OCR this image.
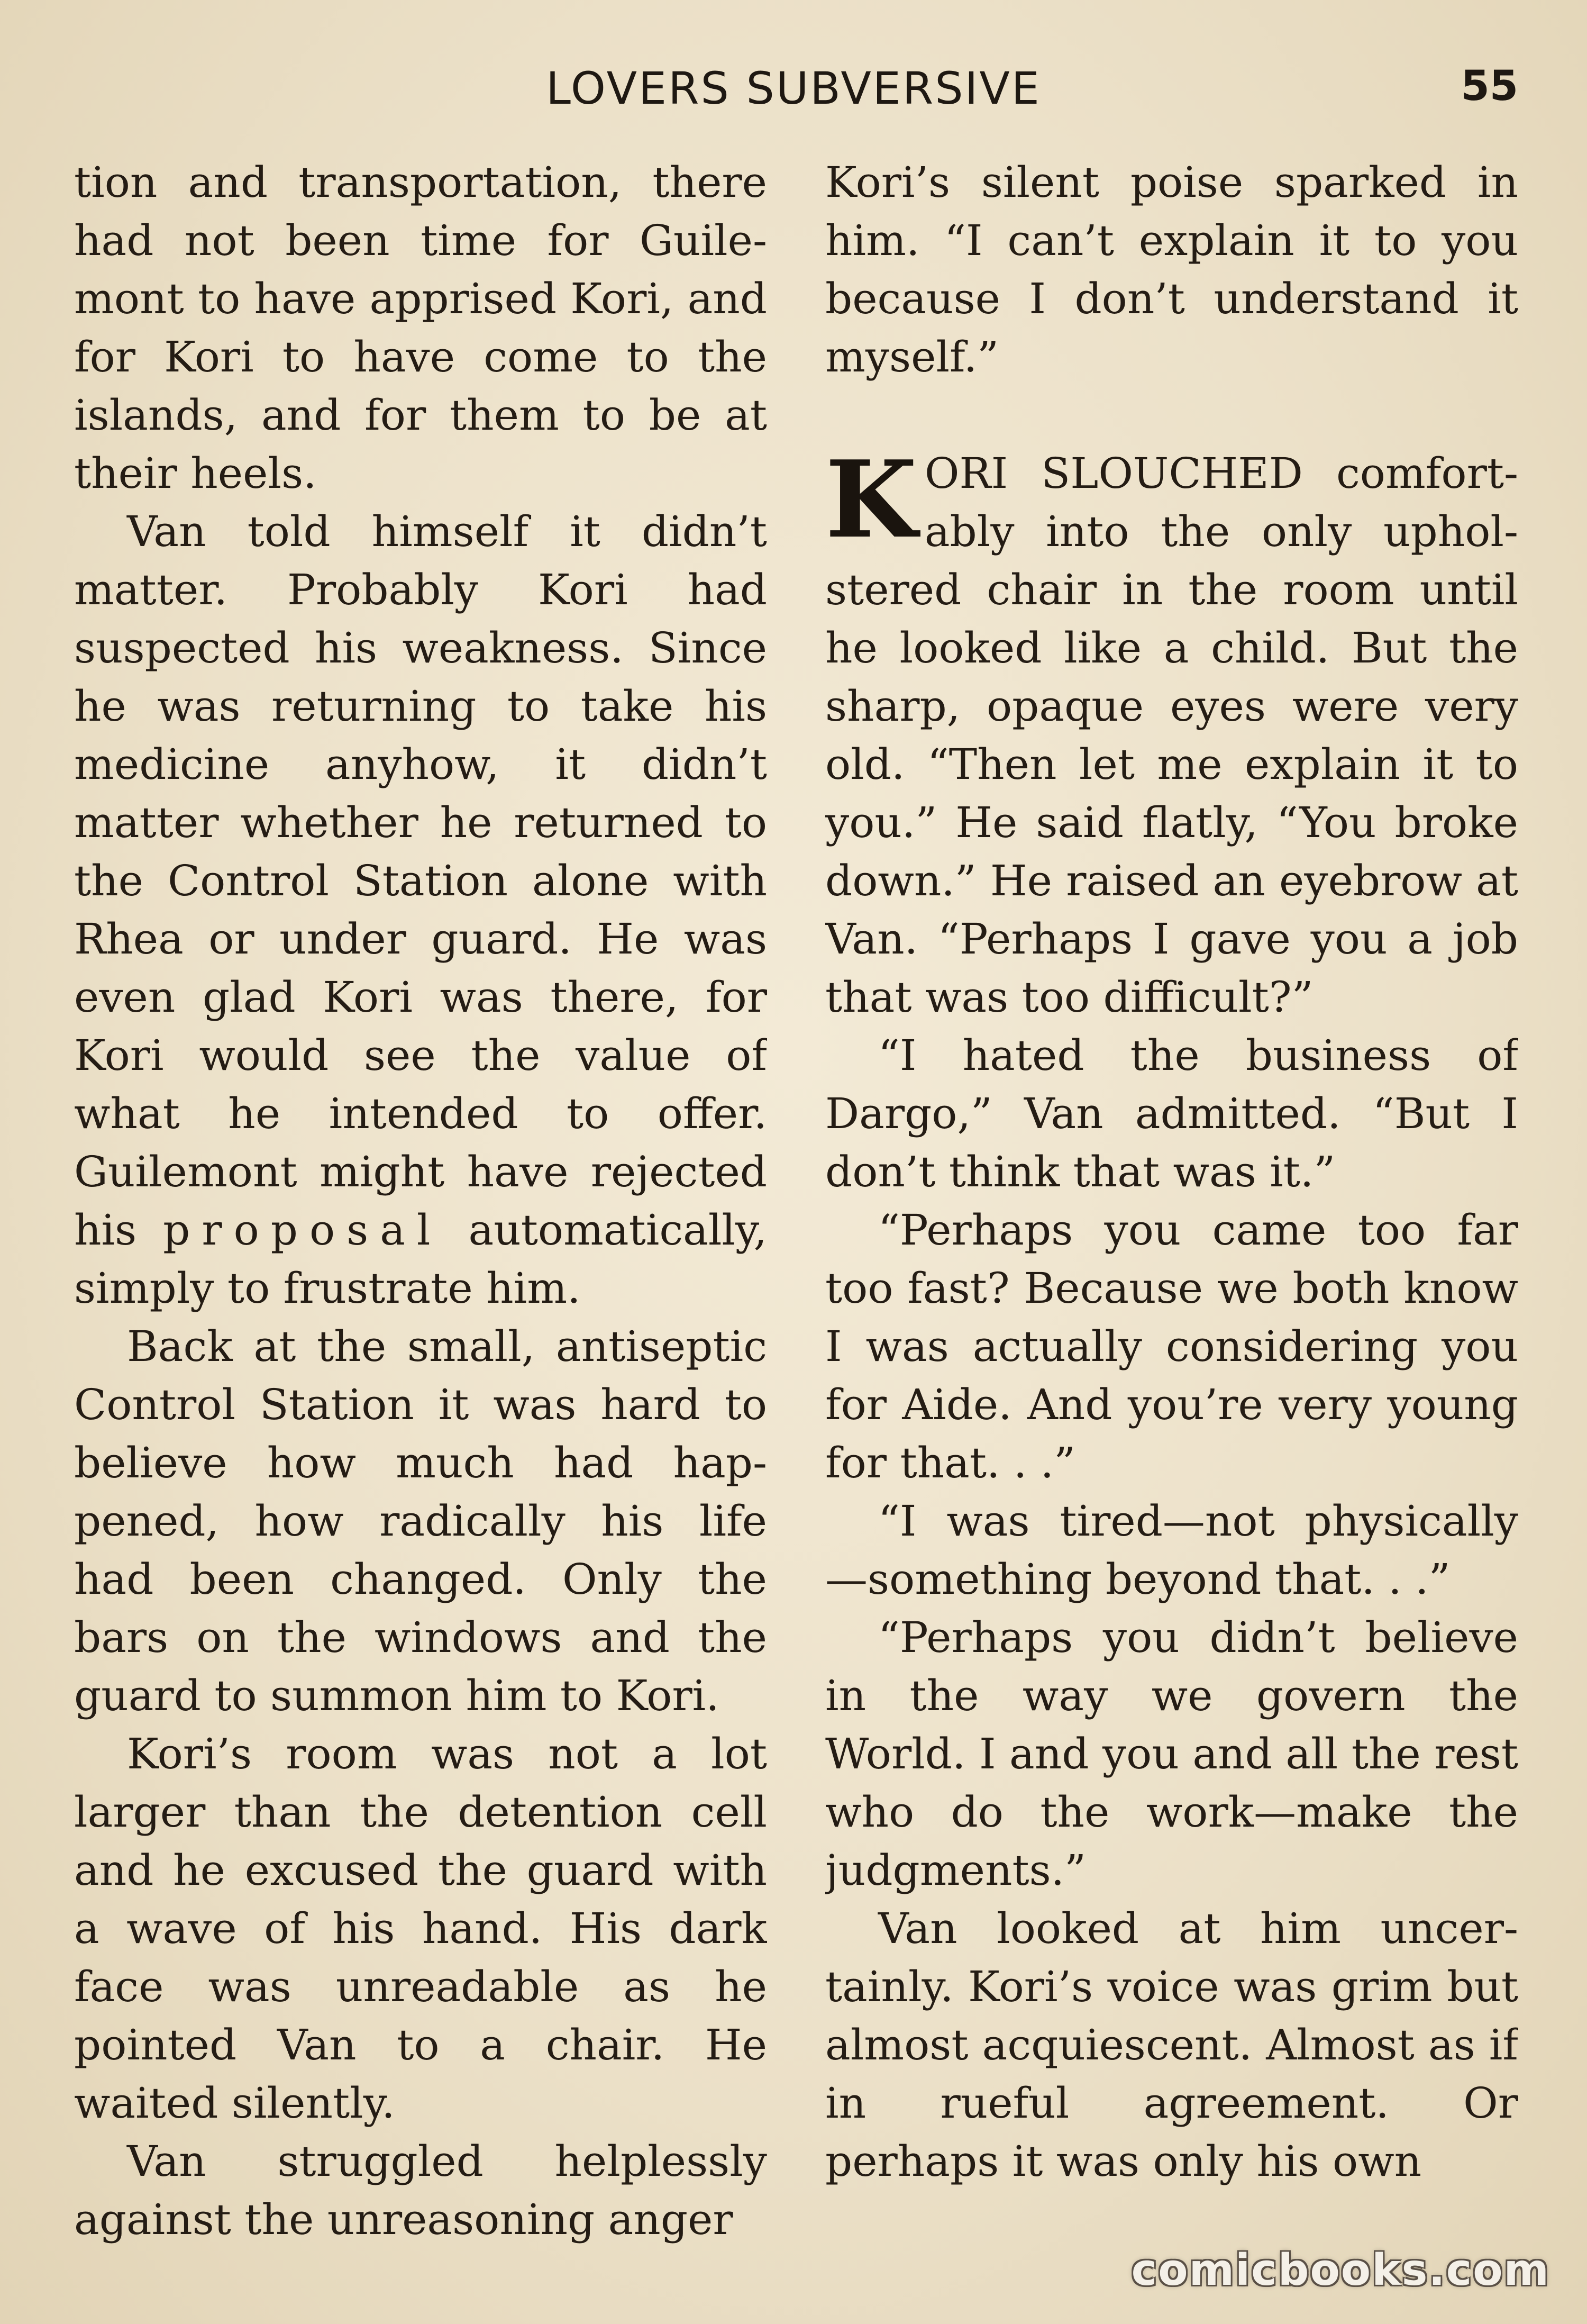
LOVERS SUBVERSIVE	55

tion and transportation, there had not been time for Guilemont to have apprised Kori, and for Kori to have come to the islands, and for them to be at their heels.

Van told himself it didn’t matter. Probably Kori had suspected his weakness. Since he was returning to take his medicine anyhow, it didn’t matter whether he returned to the Control Station alone with Rhea or under guard. He was even glad Kori was there, for Kori would see the value of what he intended to offer. Guilemont might have rejected his proposal automatically, simply to frustrate him.

Back at the small, antiseptic Control Station it was hard to believe how much had happened, how radically his life had been changed. Only the bars on the windows and the guard to summon him to Kori.

Kori’s room was not a lot larger than the detention cell and he excused the guard with a wave of his hand. His dark face was unreadable as he pointed Van to a chair. He waited silently.

Van struggled helplessly against the unreasoning anger

Kori’s silent poise sparked in him. “I can’t explain it to you because I don’t understand it myself.”

KORI SLOUCHED comfortably into the only upholstered chair in the room until he looked like a child. But the sharp, opaque eyes were very old. “Then let me explain it to you.” He said flatly, “You broke down.” He raised an eyebrow at Van. “Perhaps I gave you a job that was too difficult?”

“I hated the business of Dargo,” Van admitted. “But I don’t think that was it.”

“Perhaps you came too far too fast? Because we both know I was actually considering you for Aide. And you’re very young for that. . .”

“I was tired—not physically —something beyond that. . .”

“Perhaps you didn’t believe in the way we govern the World. I and you and all the rest who do the work—make the judgments.”

Van looked at him uncertainly. Kori’s voice was grim but almost acquiescent. Almost as if in rueful agreement. Or perhaps it was only his own

comicbooks.com
